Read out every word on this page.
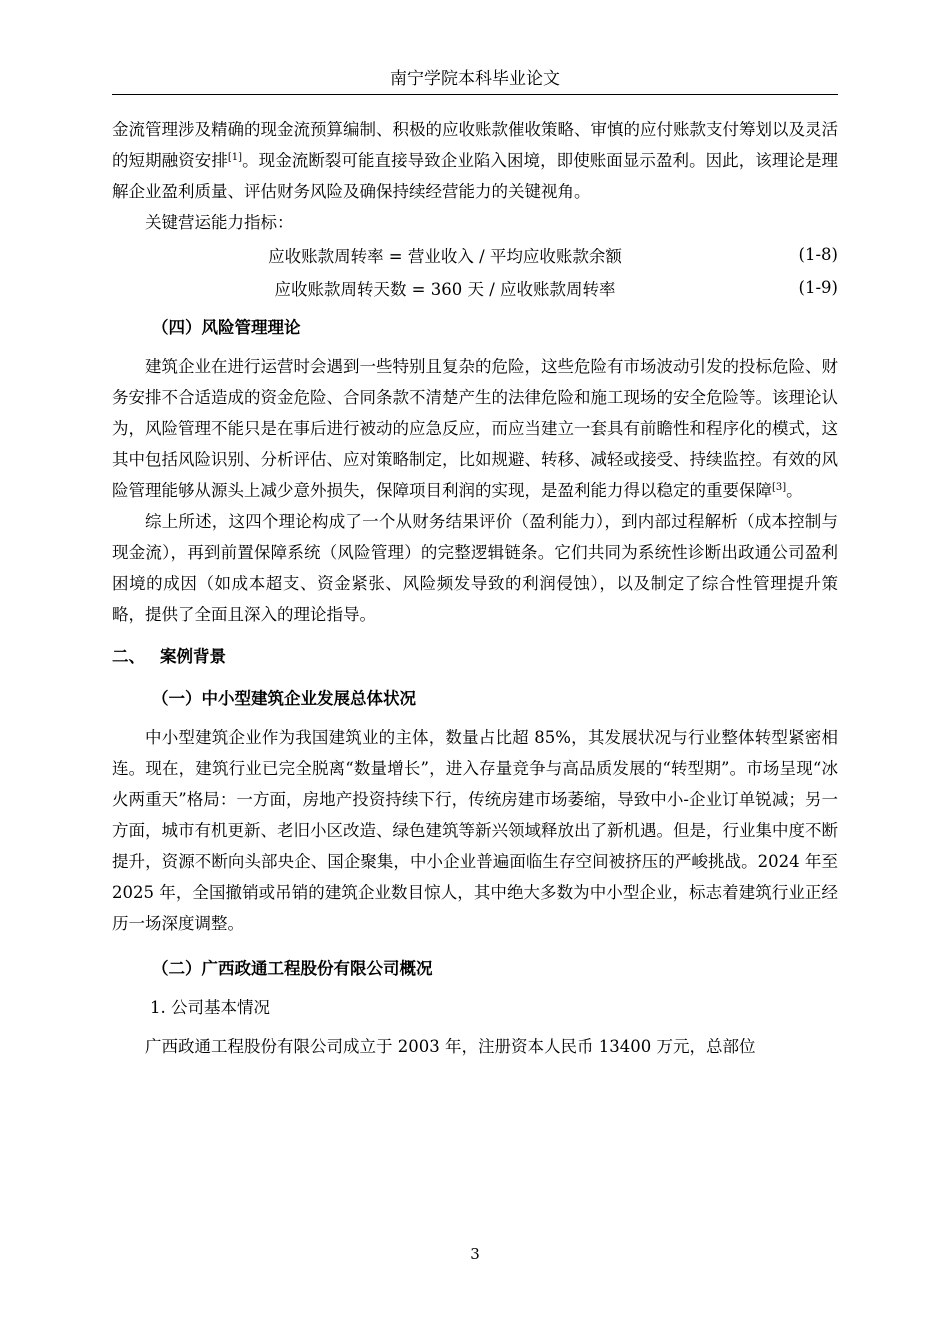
南宁学院本科毕业论文

金流管理涉及精确的现金流预算编制、积极的应收账款催收策略、审慎的应付账款支付筹划以及灵活的短期融资安排[1]。现金流断裂可能直接导致企业陷入困境，即使账面显示盈利。因此，该理论是理解企业盈利质量、评估财务风险及确保持续经营能力的关键视角。

关键营运能力指标：

应收账款周转率 = 营业收入 / 平均应收账款余额	(1-8)
应收账款周转天数 = 360 天 / 应收账款周转率	(1-9)
（四）风险管理理论

建筑企业在进行运营时会遇到一些特别且复杂的危险，这些危险有市场波动引发的投标危险、财务安排不合适造成的资金危险、合同条款不清楚产生的法律危险和施工现场的安全危险等。该理论认为，风险管理不能只是在事后进行被动的应急反应，而应当建立一套具有前瞻性和程序化的模式，这其中包括风险识别、分析评估、应对策略制定，比如规避、转移、减轻或接受、持续监控。有效的风险管理能够从源头上减少意外损失，保障项目利润的实现，是盈利能力得以稳定的重要保障[3]。

综上所述，这四个理论构成了一个从财务结果评价（盈利能力），到内部过程解析（成本控制与现金流），再到前置保障系统（风险管理）的完整逻辑链条。它们共同为系统性诊断出政通公司盈利困境的成因（如成本超支、资金紧张、风险频发导致的利润侵蚀），以及制定了综合性管理提升策略，提供了全面且深入的理论指导。

二、 案例背景
（一）中小型建筑企业发展总体状况

中小型建筑企业作为我国建筑业的主体，数量占比超 85%，其发展状况与行业整体转型紧密相连。现在，建筑行业已完全脱离“数量增长”，进入存量竞争与高品质发展的“转型期”。市场呈现“冰火两重天”格局：一方面，房地产投资持续下行，传统房建市场萎缩，导致中小-企业订单锐减；另一方面，城市有机更新、老旧小区改造、绿色建筑等新兴领域释放出了新机遇。但是，行业集中度不断提升，资源不断向头部央企、国企聚集，中小企业普遍面临生存空间被挤压的严峻挑战。2024 年至 2025 年，全国撤销或吊销的建筑企业数目惊人，其中绝大多数为中小型企业，标志着建筑行业正经历一场深度调整。

（二）广西政通工程股份有限公司概况
1. 公司基本情况

广西政通工程股份有限公司成立于 2003 年，注册资本人民币 13400 万元，总部位

3
